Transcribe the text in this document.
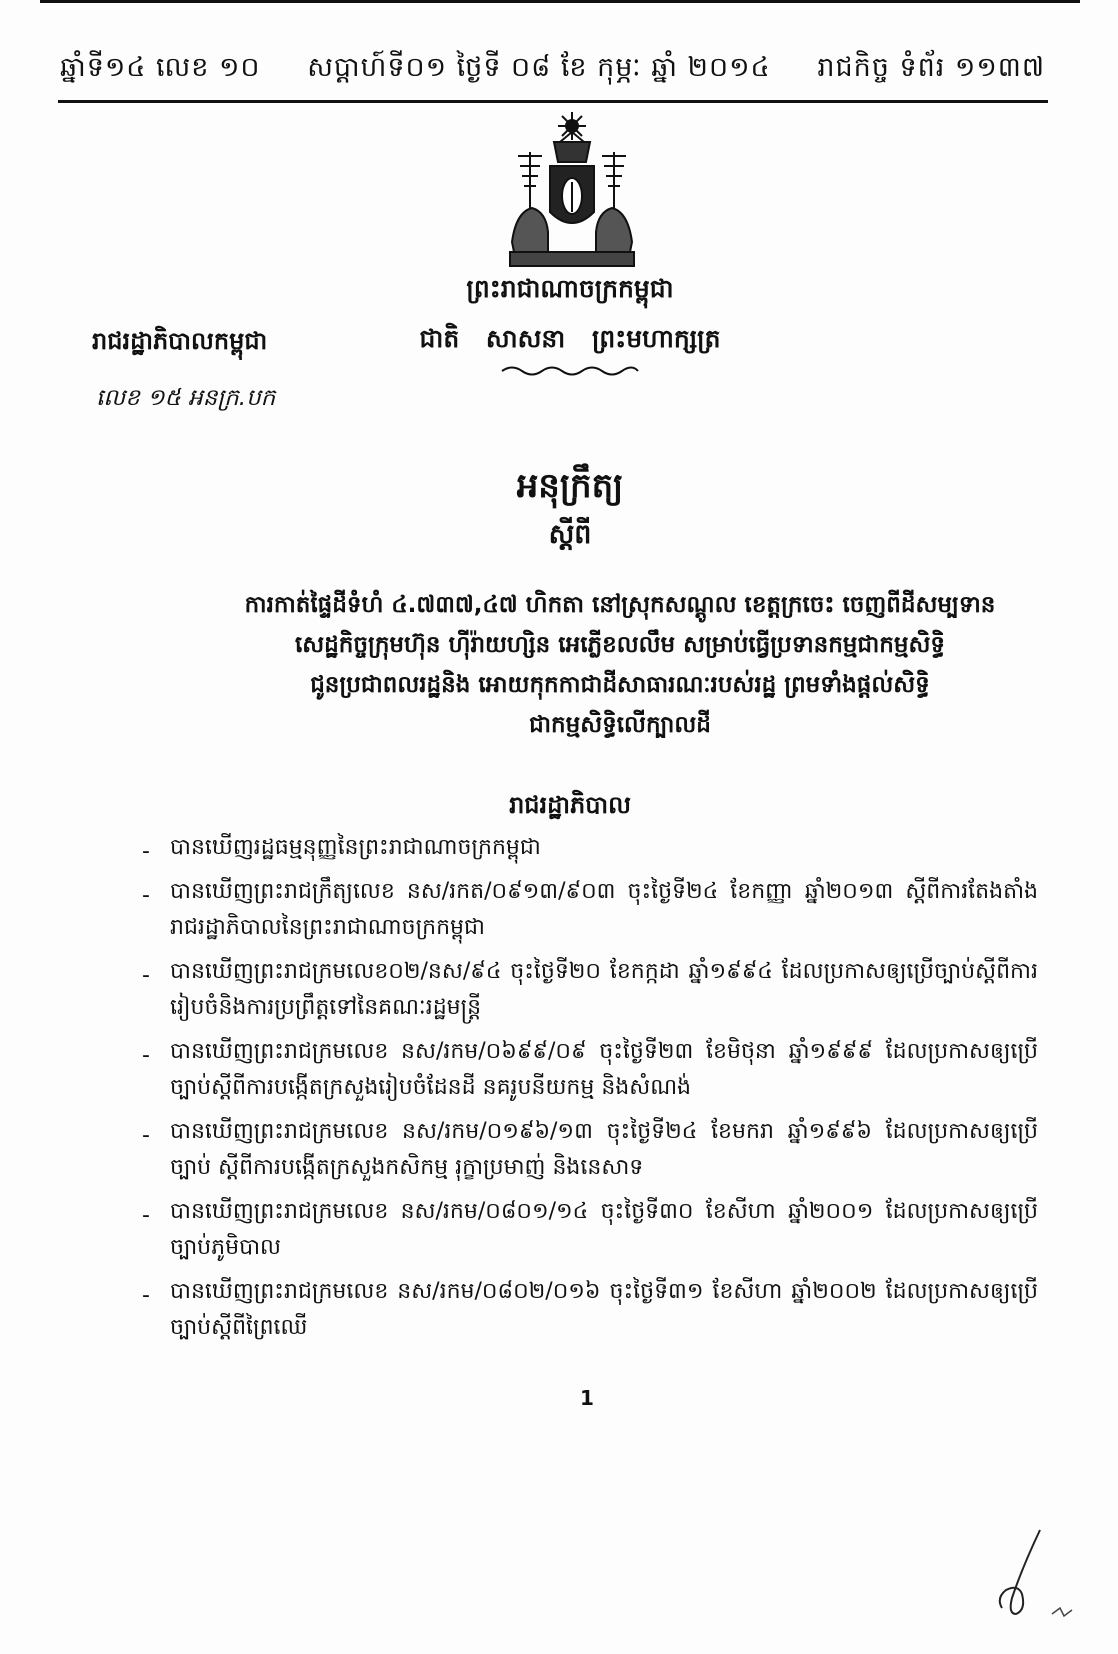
ឆ្នាំទី១៤ លេខ ១០ សប្តាហ៍ទី០១ ថ្ងៃទី ០៨ ខែ កុម្ភៈ ឆ្នាំ ២០១៤ រាជកិច្ច ទំព័រ ១១៣៧
ព្រះរាជាណាចក្រកម្ពុជា
ជាតិ សាសនា ព្រះមហាក្សត្រ
រាជរដ្ឋាភិបាលកម្ពុជា
លេខ ១៥ អនក្រ.បក
អនុក្រឹត្យ
ស្តីពី
ការកាត់ផ្ទៃដីទំហំ ៤.៧៣៧,៤៧ ហិកតា នៅស្រុកសណ្តូល ខេត្តក្រចេះ ចេញពីដីសម្បទាន
សេដ្ឋកិច្ចក្រុមហ៊ុន ហ៊ីរ៉ាយហ្សិន អេភ្លើខលលឹម សម្រាប់ធ្វើប្រទានកម្មជាកម្មសិទ្ធិ
ជូនប្រជាពលរដ្ឋនិង អោយកុកកាជាដីសាធារណៈរបស់រដ្ឋ ព្រមទាំងផ្តល់សិទ្ធិ
ជាកម្មសិទ្ធិលើក្បាលដី
រាជរដ្ឋាភិបាល
- បានឃើញរដ្ឋធម្មនុញ្ញនៃព្រះរាជាណាចក្រកម្ពុជា
- បានឃើញព្រះរាជក្រឹត្យលេខ នស/រកត/០៩១៣/៩០៣ ចុះថ្ងៃទី២៤ ខែកញ្ញា ឆ្នាំ២០១៣ ស្តីពីការតែងតាំងរាជរដ្ឋាភិបាលនៃព្រះរាជាណាចក្រកម្ពុជា
- បានឃើញព្រះរាជក្រមលេខ០២/នស/៩៤ ចុះថ្ងៃទី២០ ខែកក្កដា ឆ្នាំ១៩៩៤ ដែលប្រកាសឲ្យប្រើច្បាប់ស្តីពីការរៀបចំនិងការប្រព្រឹត្តទៅនៃគណៈរដ្ឋមន្ត្រី
- បានឃើញព្រះរាជក្រមលេខ នស/រកម/០៦៩៩/០៩ ចុះថ្ងៃទី២៣ ខែមិថុនា ឆ្នាំ១៩៩៩ ដែលប្រកាសឲ្យប្រើច្បាប់ស្តីពីការបង្កើតក្រសួងរៀបចំដែនដី នគរូបនីយកម្ម និងសំណង់
- បានឃើញព្រះរាជក្រមលេខ នស/រកម/០១៩៦/១៣ ចុះថ្ងៃទី២៤ ខែមករា ឆ្នាំ១៩៩៦ ដែលប្រកាសឲ្យប្រើច្បាប់ ស្តីពីការបង្កើតក្រសួងកសិកម្ម រុក្ខាប្រមាញ់ និងនេសាទ
- បានឃើញព្រះរាជក្រមលេខ នស/រកម/០៨០១/១៤ ចុះថ្ងៃទី៣០ ខែសីហា ឆ្នាំ២០០១ ដែលប្រកាសឲ្យប្រើច្បាប់ភូមិបាល
- បានឃើញព្រះរាជក្រមលេខ នស/រកម/០៨០២/០១៦ ចុះថ្ងៃទី៣១ ខែសីហា ឆ្នាំ២០០២ ដែលប្រកាសឲ្យប្រើច្បាប់ស្តីពីព្រៃឈើ
1
